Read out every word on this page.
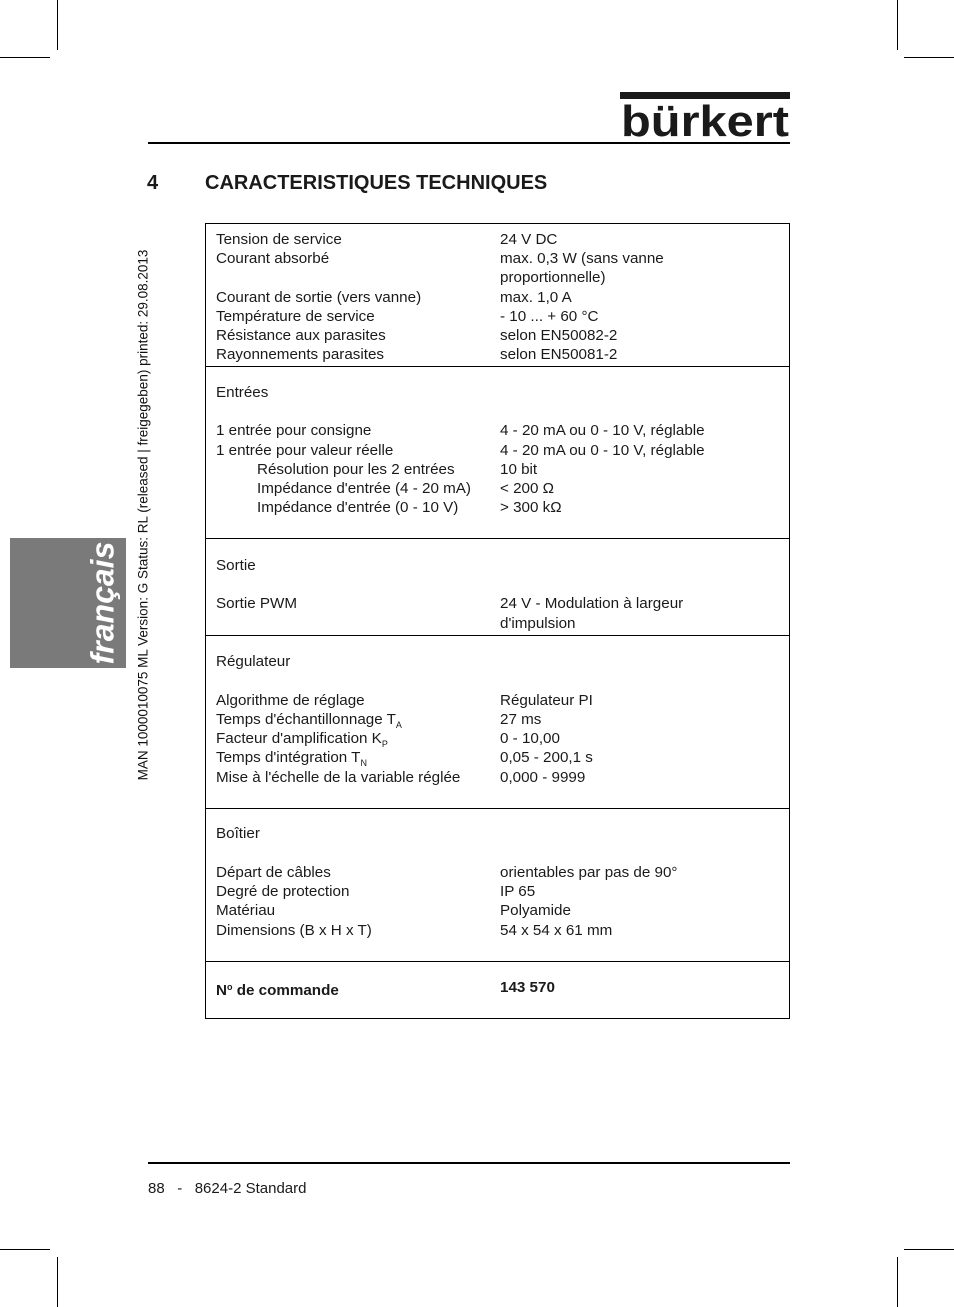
bürkert
français MAN 1000010075 ML Version: G Status: RL (released | freigegeben) printed: 29.08.2013
4 CARACTERISTIQUES TECHNIQUES
Tension de service	24 V DC
Courant absorbé	max. 0,3 W (sans vanne
proportionnelle)
Courant de sortie (vers vanne)	max. 1,0 A
Température de service	- 10 ... + 60 °C
Résistance aux parasites	selon EN50082-2
Rayonnements parasites	selon EN50081-2
Entrées
1 entrée pour consigne	4 - 20 mA ou 0 - 10 V, réglable
1 entrée pour valeur réelle	4 - 20 mA ou 0 - 10 V, réglable
Résolution pour les 2 entrées	10 bit
Impédance d'entrée (4 - 20 mA) < 200 Ω
Impédance d'entrée (0 - 10 V)	> 300 kΩ
Sortie
Sortie PWM	24 V - Modulation à largeur
d'impulsion
Régulateur
Algorithme de réglage	Régulateur PI
Temps d'échantillonnage $T_A$	27 ms
Facteur d'amplification $K_P$	0 - 10,00
Temps d'intégration $T_N$	0,05 - 200,1 s
Mise à l'échelle de la variable réglée	0,000 - 9999
Boîtier
Départ de câbles	orientables par pas de 90°
Degré de protection	IP 65
Matériau	Polyamide
Dimensions (B x H x T)	54 x 54 x 61 mm
$N^o$ de commande	143 570
88 - 8624-2 Standard
